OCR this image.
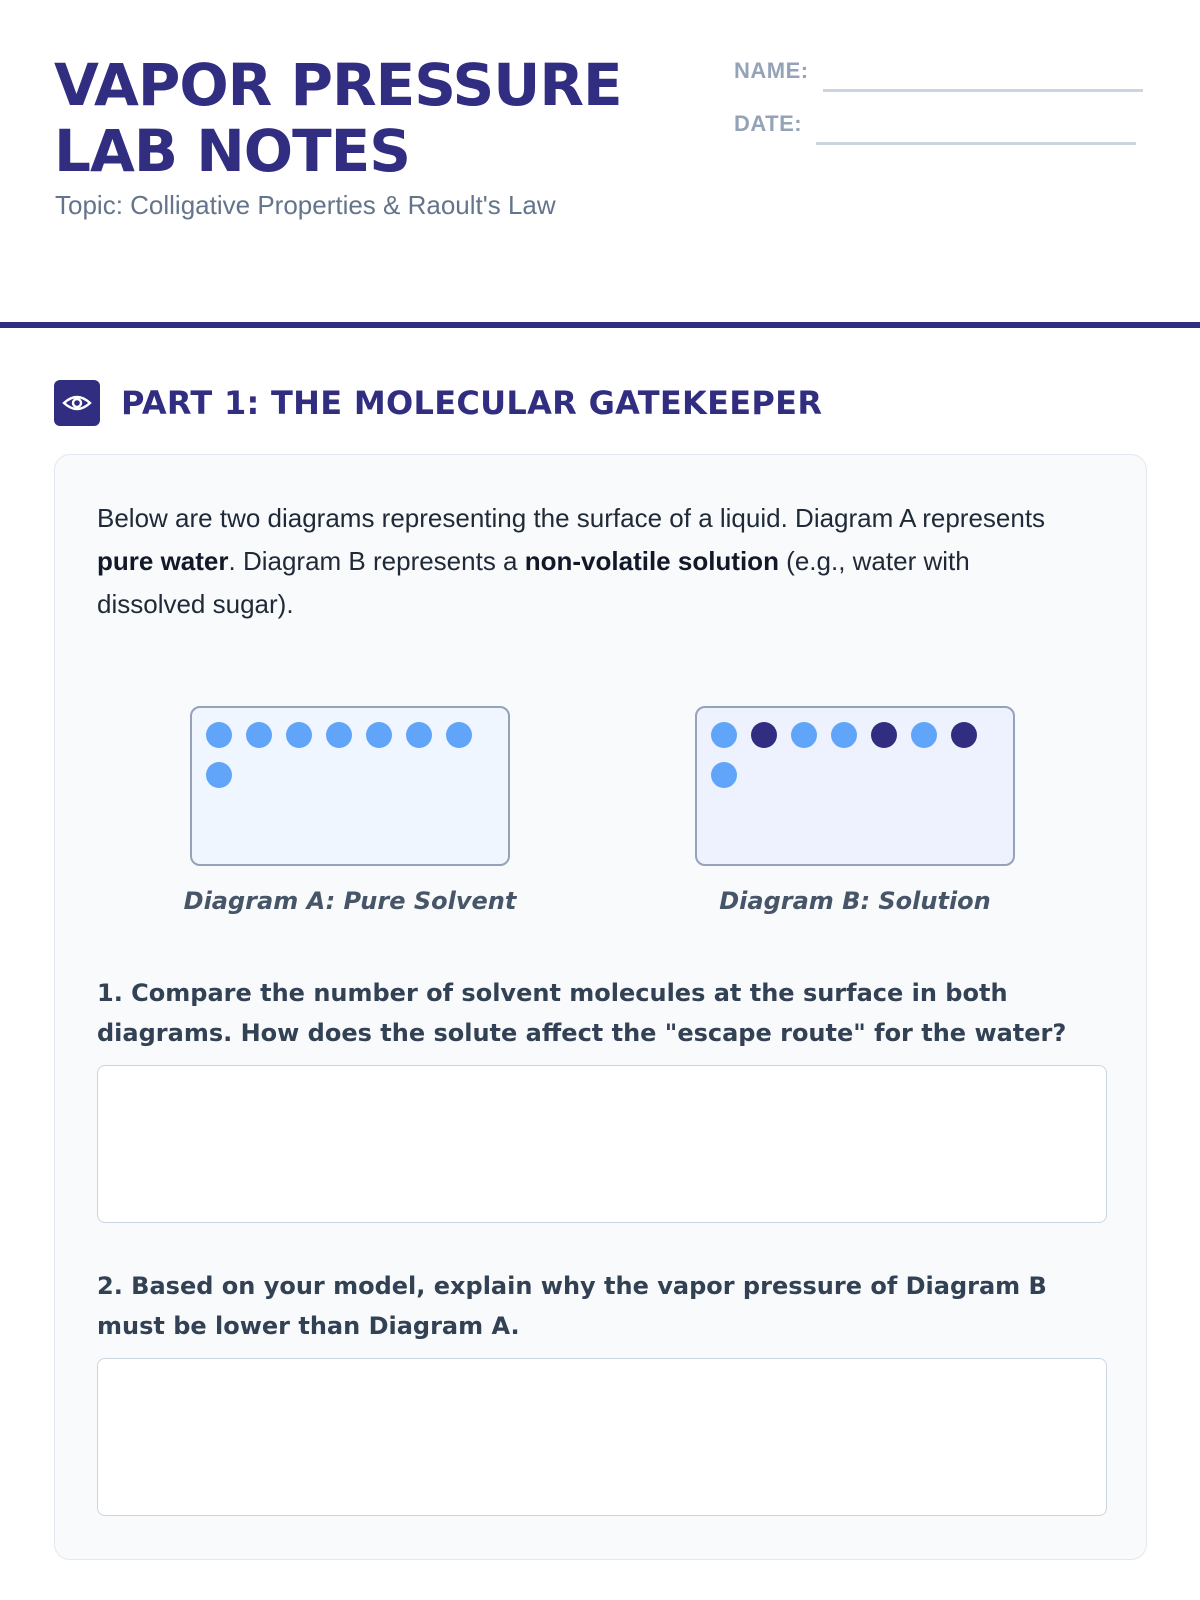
VAPOR PRESSURE
LAB NOTES
Topic: Colligative Properties & Raoult's Law
NAME:
DATE:
PART 1: THE MOLECULAR GATEKEEPER

Below are two diagrams representing the surface of a liquid. Diagram A represents pure water. Diagram B represents a non-volatile solution (e.g., water with dissolved sugar).

Diagram A: Pure Solvent	Diagram B: Solution
1. Compare the number of solvent molecules at the surface in both diagrams. How does the solute affect the "escape route" for the water?
2. Based on your model, explain why the vapor pressure of Diagram B must be lower than Diagram A.
